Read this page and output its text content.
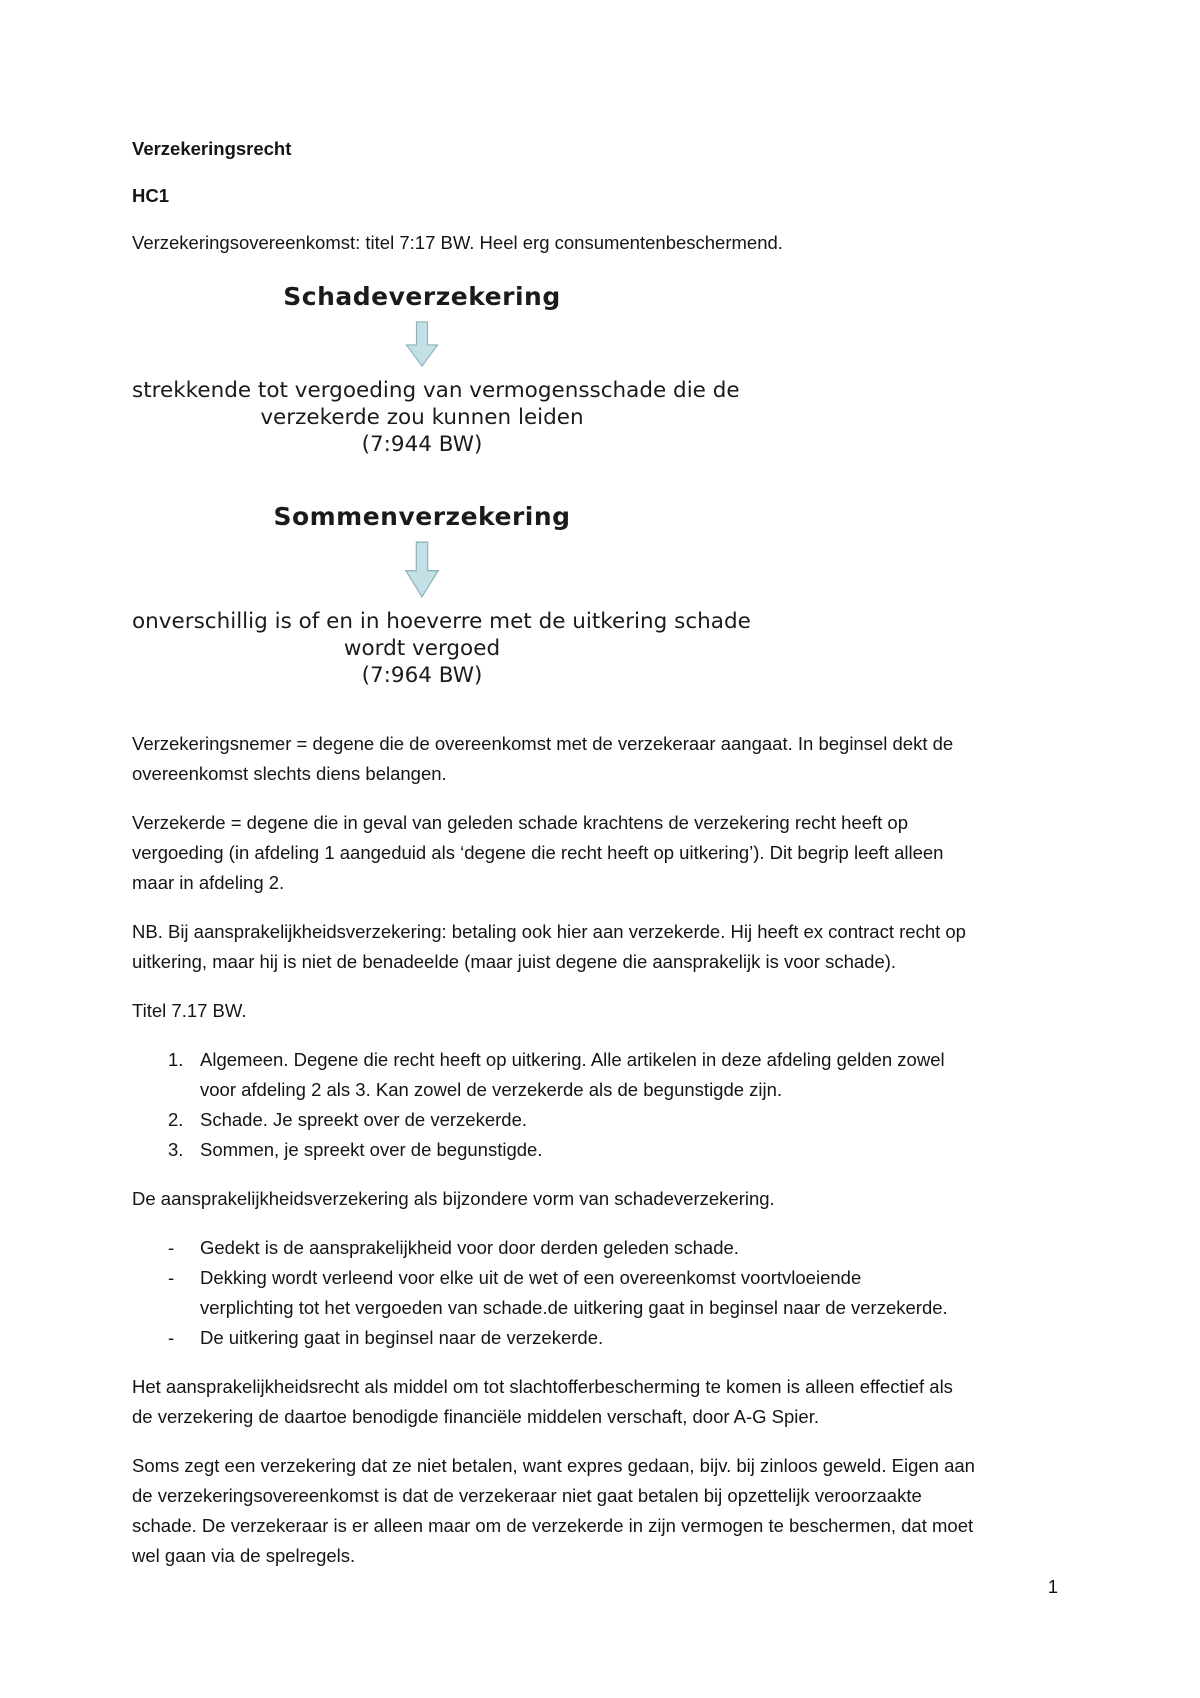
Verzekeringsrecht

HC1

Verzekeringsovereenkomst: titel 7:17 BW. Heel erg consumentenbeschermend.

Schadeverzekering
strekkende tot vergoeding van vermogensschade die de
verzekerde zou kunnen leiden
(7:944 BW)
Sommenverzekering
onverschillig is of en in hoeverre met de uitkering schade
wordt vergoed
(7:964 BW)
Verzekeringsnemer = degene die de overeenkomst met de verzekeraar aangaat. In beginsel dekt de
overeenkomst slechts diens belangen.
Verzekerde = degene die in geval van geleden schade krachtens de verzekering recht heeft op
vergoeding (in afdeling 1 aangeduid als ‘degene die recht heeft op uitkering’). Dit begrip leeft alleen
maar in afdeling 2.
NB. Bij aansprakelijkheidsverzekering: betaling ook hier aan verzekerde. Hij heeft ex contract recht op
uitkering, maar hij is niet de benadeelde (maar juist degene die aansprakelijk is voor schade).

Titel 7.17 BW.

1. Algemeen. Degene die recht heeft op uitkering. Alle artikelen in deze afdeling gelden zowel
voor afdeling 2 als 3. Kan zowel de verzekerde als de begunstigde zijn.
2. Schade. Je spreekt over de verzekerde.
3. Sommen, je spreekt over de begunstigde.

De aansprakelijkheidsverzekering als bijzondere vorm van schadeverzekering.

-	Gedekt is de aansprakelijkheid voor door derden geleden schade.
-	Dekking wordt verleend voor elke uit de wet of een overeenkomst voortvloeiende
verplichting tot het vergoeden van schade.de uitkering gaat in beginsel naar de verzekerde.
-	De uitkering gaat in beginsel naar de verzekerde.
Het aansprakelijkheidsrecht als middel om tot slachtofferbescherming te komen is alleen effectief als
de verzekering de daartoe benodigde financiële middelen verschaft, door A-G Spier.
Soms zegt een verzekering dat ze niet betalen, want expres gedaan, bijv. bij zinloos geweld. Eigen aan
de verzekeringsovereenkomst is dat de verzekeraar niet gaat betalen bij opzettelijk veroorzaakte
schade. De verzekeraar is er alleen maar om de verzekerde in zijn vermogen te beschermen, dat moet
wel gaan via de spelregels.
1
